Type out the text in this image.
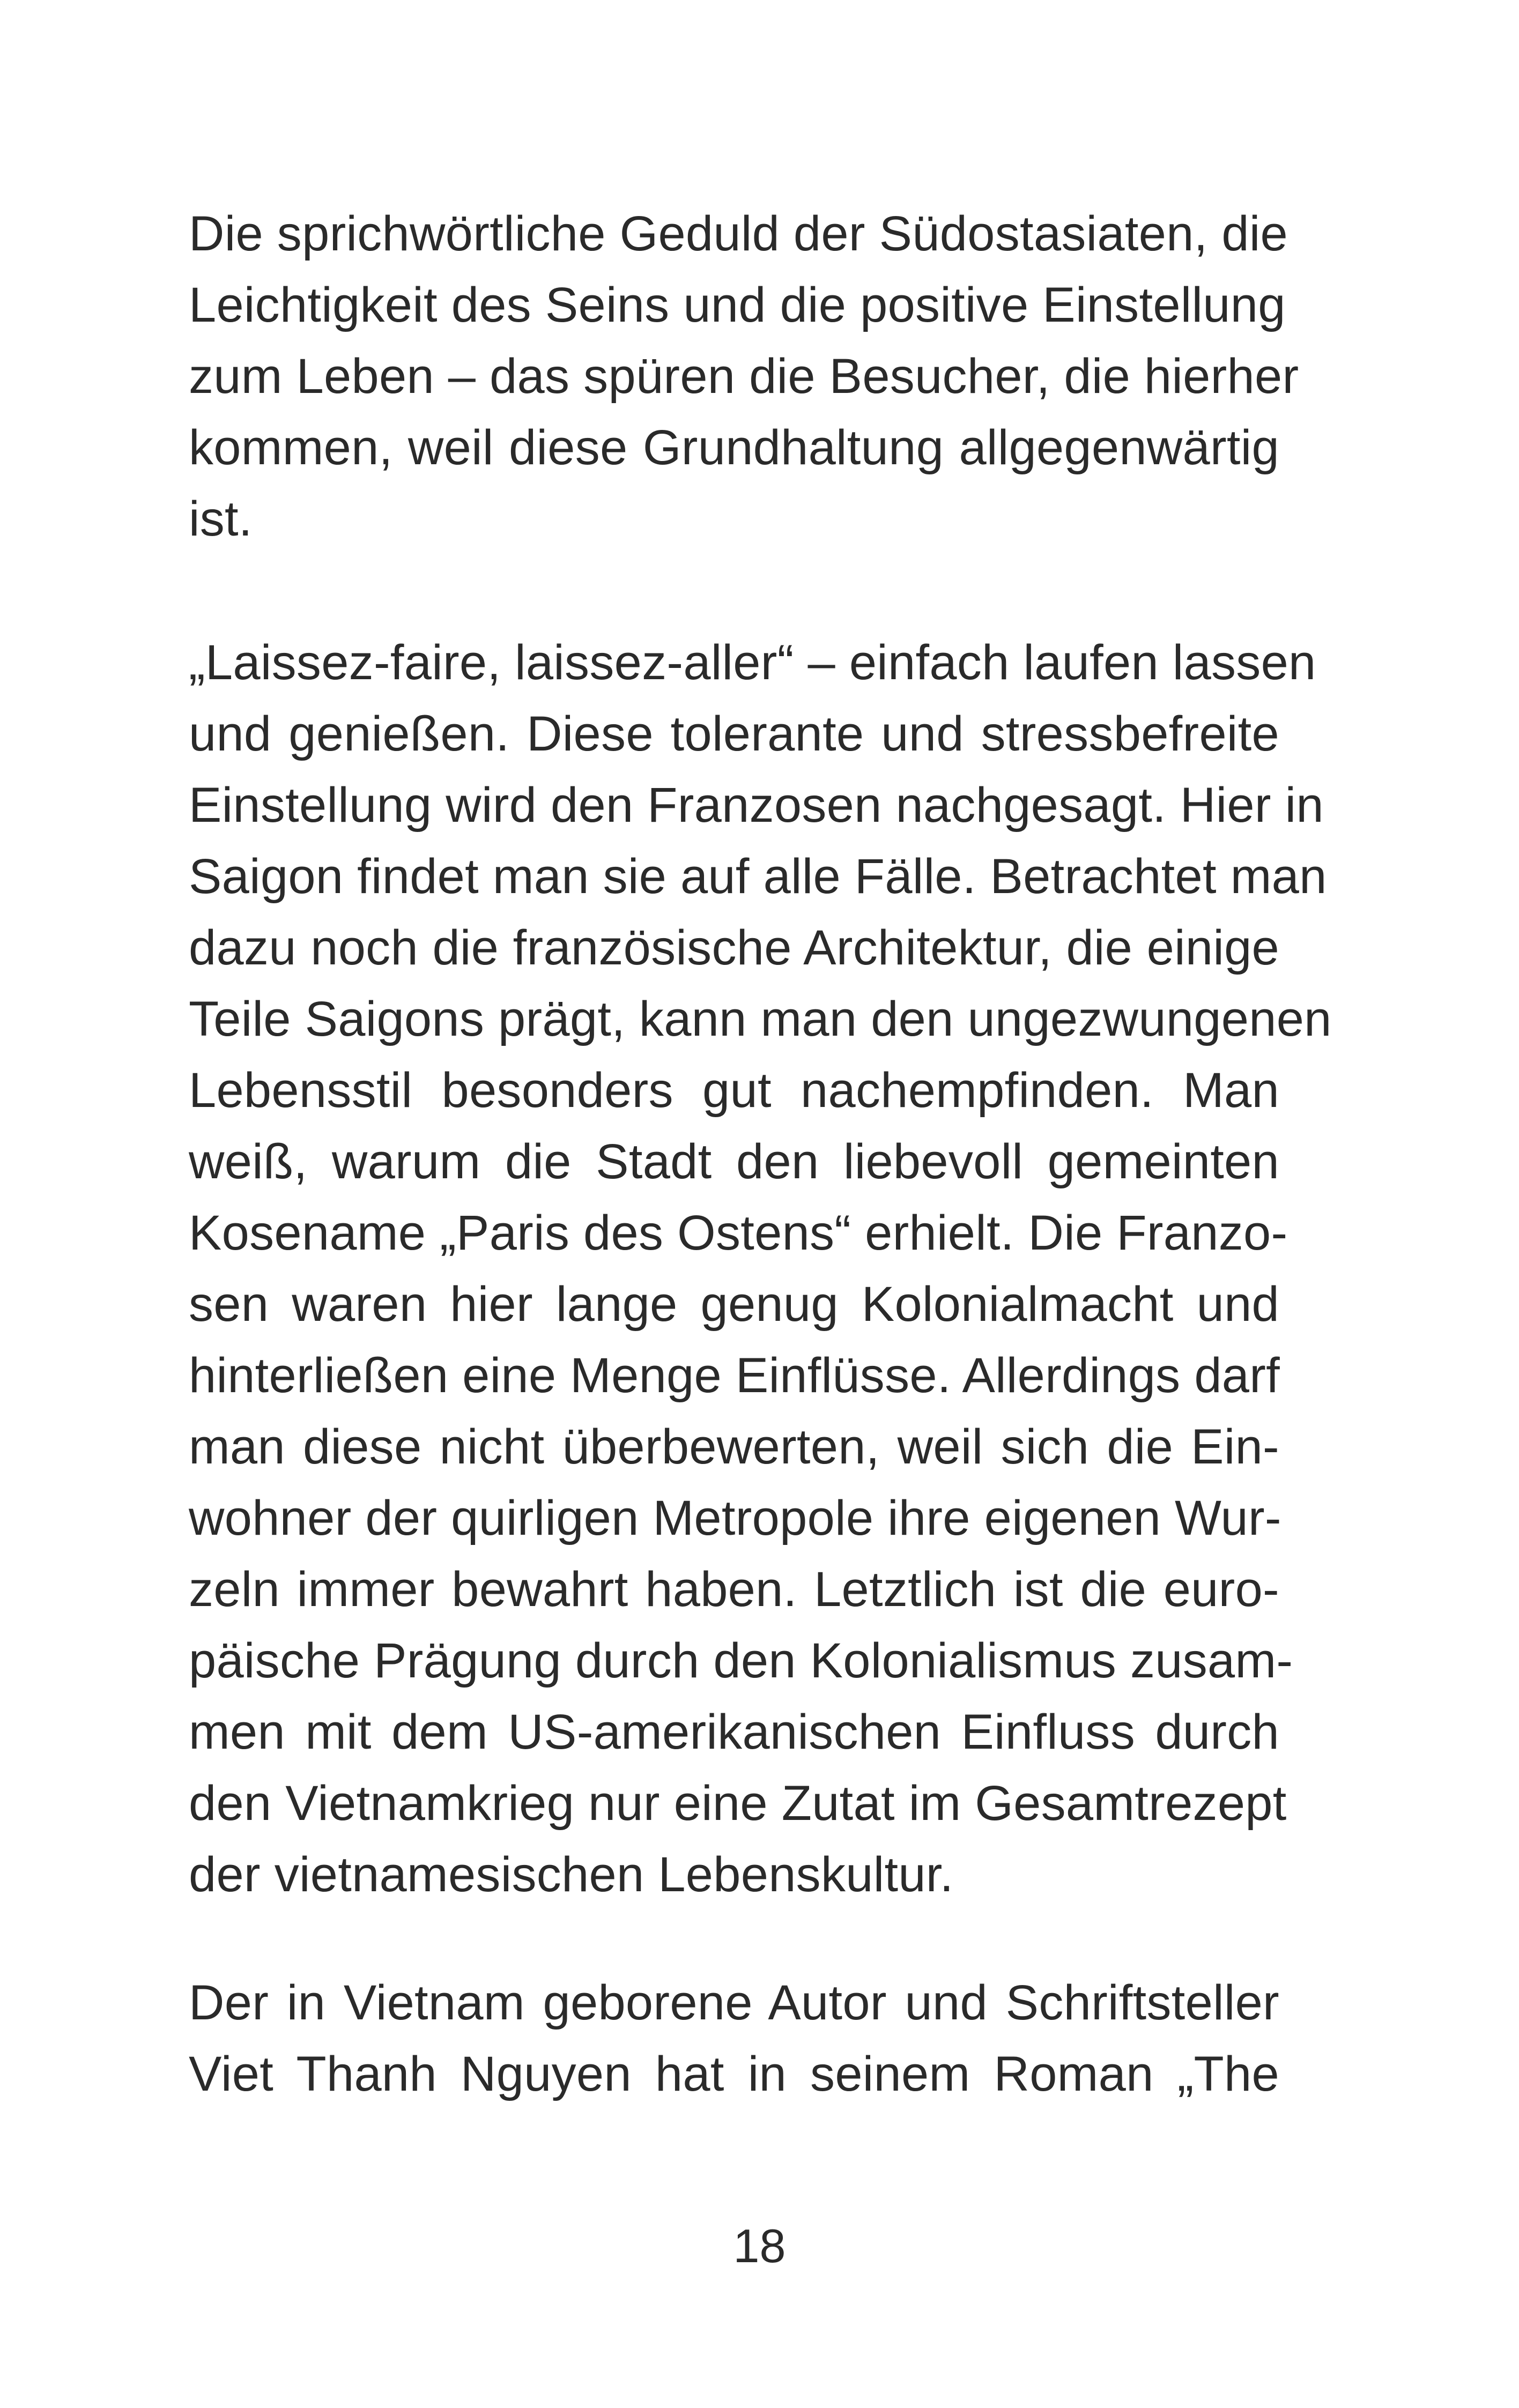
Die sprichwörtliche Geduld der Südostasiaten, die
Leichtigkeit des Seins und die positive Einstellung
zum Leben – das spüren die Besucher, die hierher
kommen, weil diese Grundhaltung allgegenwärtig
ist.
„Laissez-faire, laissez-aller“ – einfach laufen lassen
und genießen. Diese tolerante und stressbefreite
Einstellung wird den Franzosen nachgesagt. Hier in
Saigon findet man sie auf alle Fälle. Betrachtet man
dazu noch die französische Architektur, die einige
Teile Saigons prägt, kann man den ungezwungenen
Lebensstil besonders gut nachempfinden. Man
weiß, warum die Stadt den liebevoll gemeinten
Kosename „Paris des Ostens“ erhielt. Die Franzo-
sen waren hier lange genug Kolonialmacht und
hinterließen eine Menge Einflüsse. Allerdings darf
man diese nicht überbewerten, weil sich die Ein-
wohner der quirligen Metropole ihre eigenen Wur-
zeln immer bewahrt haben. Letztlich ist die euro-
päische Prägung durch den Kolonialismus zusam-
men mit dem US-amerikanischen Einfluss durch
den Vietnamkrieg nur eine Zutat im Gesamtrezept
der vietnamesischen Lebenskultur.
Der in Vietnam geborene Autor und Schriftsteller
Viet Thanh Nguyen hat in seinem Roman „The
18
